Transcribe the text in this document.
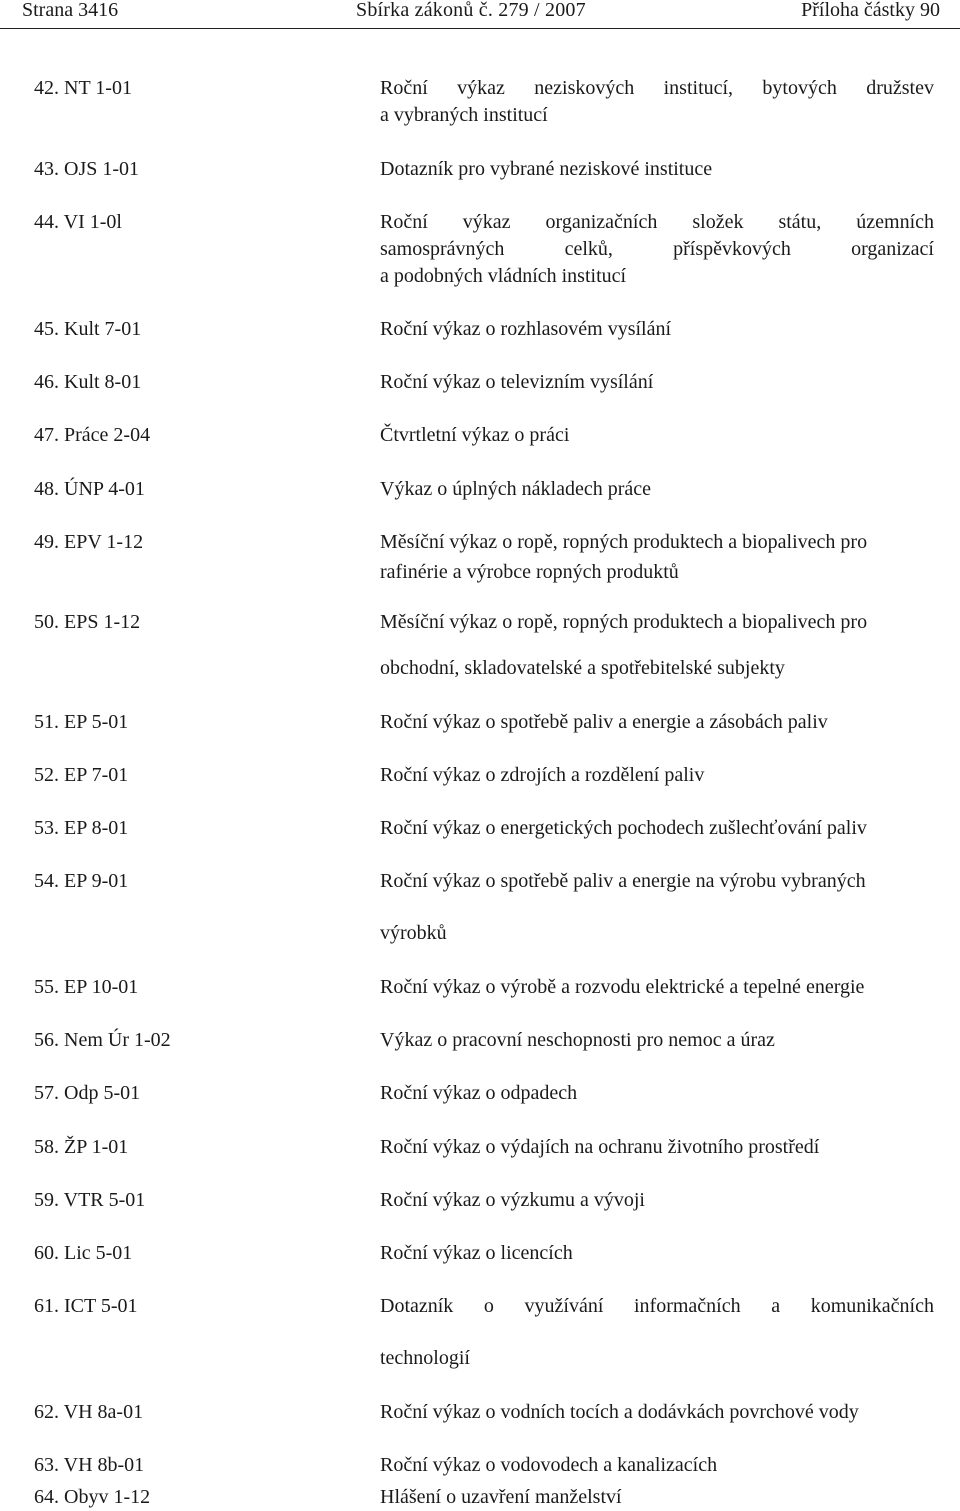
Strana 3416	Sbírka zákonů č. 279 / 2007	Příloha částky 90
42. NT 1-01	Roční výkaz neziskových institucí, bytových družstev
a vybraných institucí
43. OJS 1-01	Dotazník pro vybrané neziskové instituce
44. VI 1-0l	Roční výkaz organizačních složek státu, územních
samosprávných celků, příspěvkových organizací
a podobných vládních institucí
45. Kult 7-01	Roční výkaz o rozhlasovém vysílání
46. Kult 8-01	Roční výkaz o televizním vysílání
47. Práce 2-04	Čtvrtletní výkaz o práci
48. ÚNP 4-01	Výkaz o úplných nákladech práce
49. EPV 1-12	Měsíční výkaz o ropě, ropných produktech a biopalivech pro
rafinérie a výrobce ropných produktů
50. EPS 1-12	Měsíční výkaz o ropě, ropných produktech a biopalivech pro
obchodní, skladovatelské a spotřebitelské subjekty
51. EP 5-01	Roční výkaz o spotřebě paliv a energie a zásobách paliv
52. EP 7-01	Roční výkaz o zdrojích a rozdělení paliv
53. EP 8-01	Roční výkaz o energetických pochodech zušlechťování paliv
54. EP 9-01	Roční výkaz o spotřebě paliv a energie na výrobu vybraných
výrobků
55. EP 10-01	Roční výkaz o výrobě a rozvodu elektrické a tepelné energie
56. Nem Úr 1-02	Výkaz o pracovní neschopnosti pro nemoc a úraz
57. Odp 5-01	Roční výkaz o odpadech
58. ŽP 1-01	Roční výkaz o výdajích na ochranu životního prostředí
59. VTR 5-01	Roční výkaz o výzkumu a vývoji
60. Lic 5-01	Roční výkaz o licencích
61. ICT 5-01	Dotazník o využívání informačních a komunikačních
technologií
62. VH 8a-01	Roční výkaz o vodních tocích a dodávkách povrchové vody
63. VH 8b-01	Roční výkaz o vodovodech a kanalizacích
64. Obyv 1-12	Hlášení o uzavření manželství
